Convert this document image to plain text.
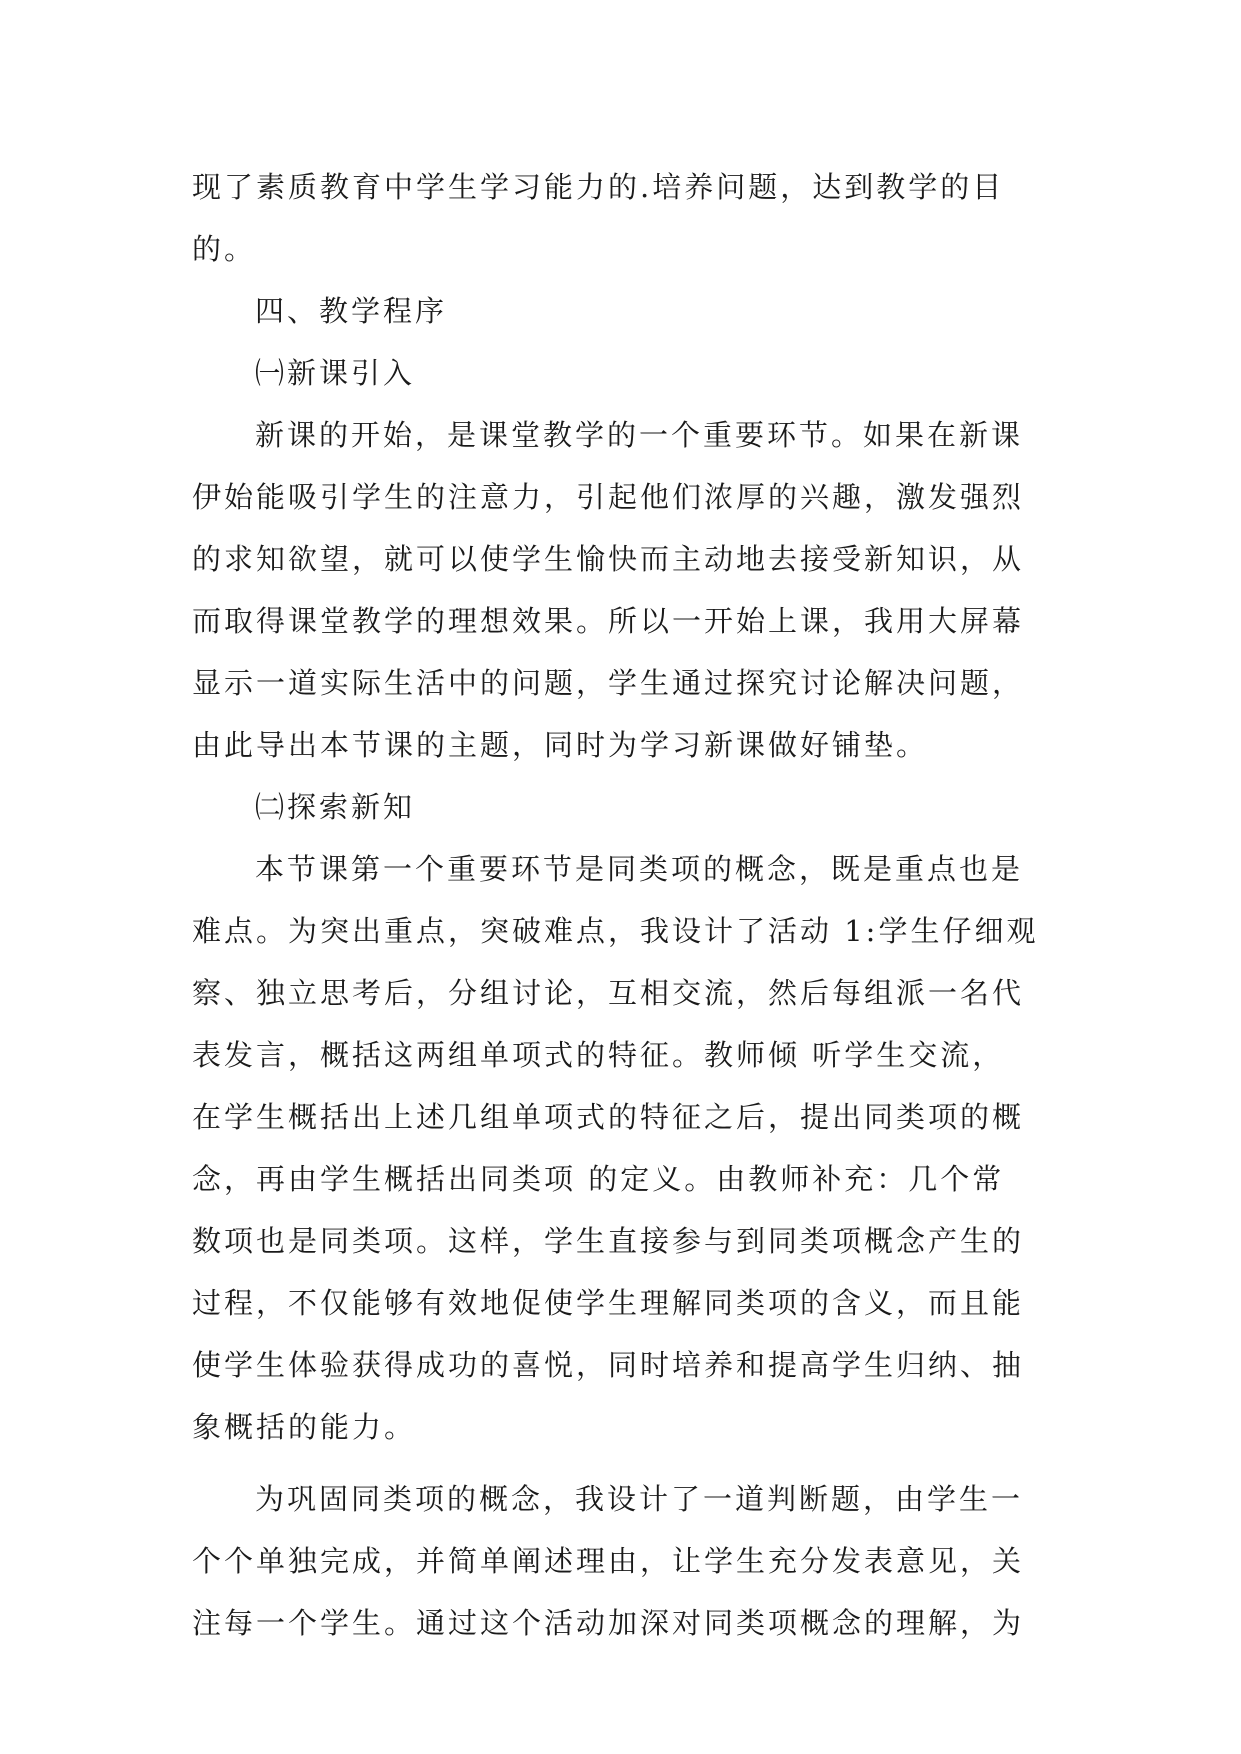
现了素质教育中学生学习能力的.培养问题，达到教学的目
的。
四、教学程序
㈠新课引入
新课的开始，是课堂教学的一个重要环节。如果在新课
伊始能吸引学生的注意力，引起他们浓厚的兴趣，激发强烈
的求知欲望，就可以使学生愉快而主动地去接受新知识，从
而取得课堂教学的理想效果。所以一开始上课，我用大屏幕
显示一道实际生活中的问题，学生通过探究讨论解决问题，
由此导出本节课的主题，同时为学习新课做好铺垫。
㈡探索新知
本节课第一个重要环节是同类项的概念，既是重点也是
难点。为突出重点，突破难点，我设计了活动 1:学生仔细观
察、独立思考后，分组讨论，互相交流，然后每组派一名代
表发言，概括这两组单项式的特征。教师倾 听学生交流，
在学生概括出上述几组单项式的特征之后，提出同类项的概
念，再由学生概括出同类项 的定义。由教师补充：几个常
数项也是同类项。这样，学生直接参与到同类项概念产生的
过程，不仅能够有效地促使学生理解同类项的含义，而且能
使学生体验获得成功的喜悦，同时培养和提高学生归纳、抽
象概括的能力。
为巩固同类项的概念，我设计了一道判断题，由学生一
个个单独完成，并简单阐述理由，让学生充分发表意见，关
注每一个学生。通过这个活动加深对同类项概念的理解，为
